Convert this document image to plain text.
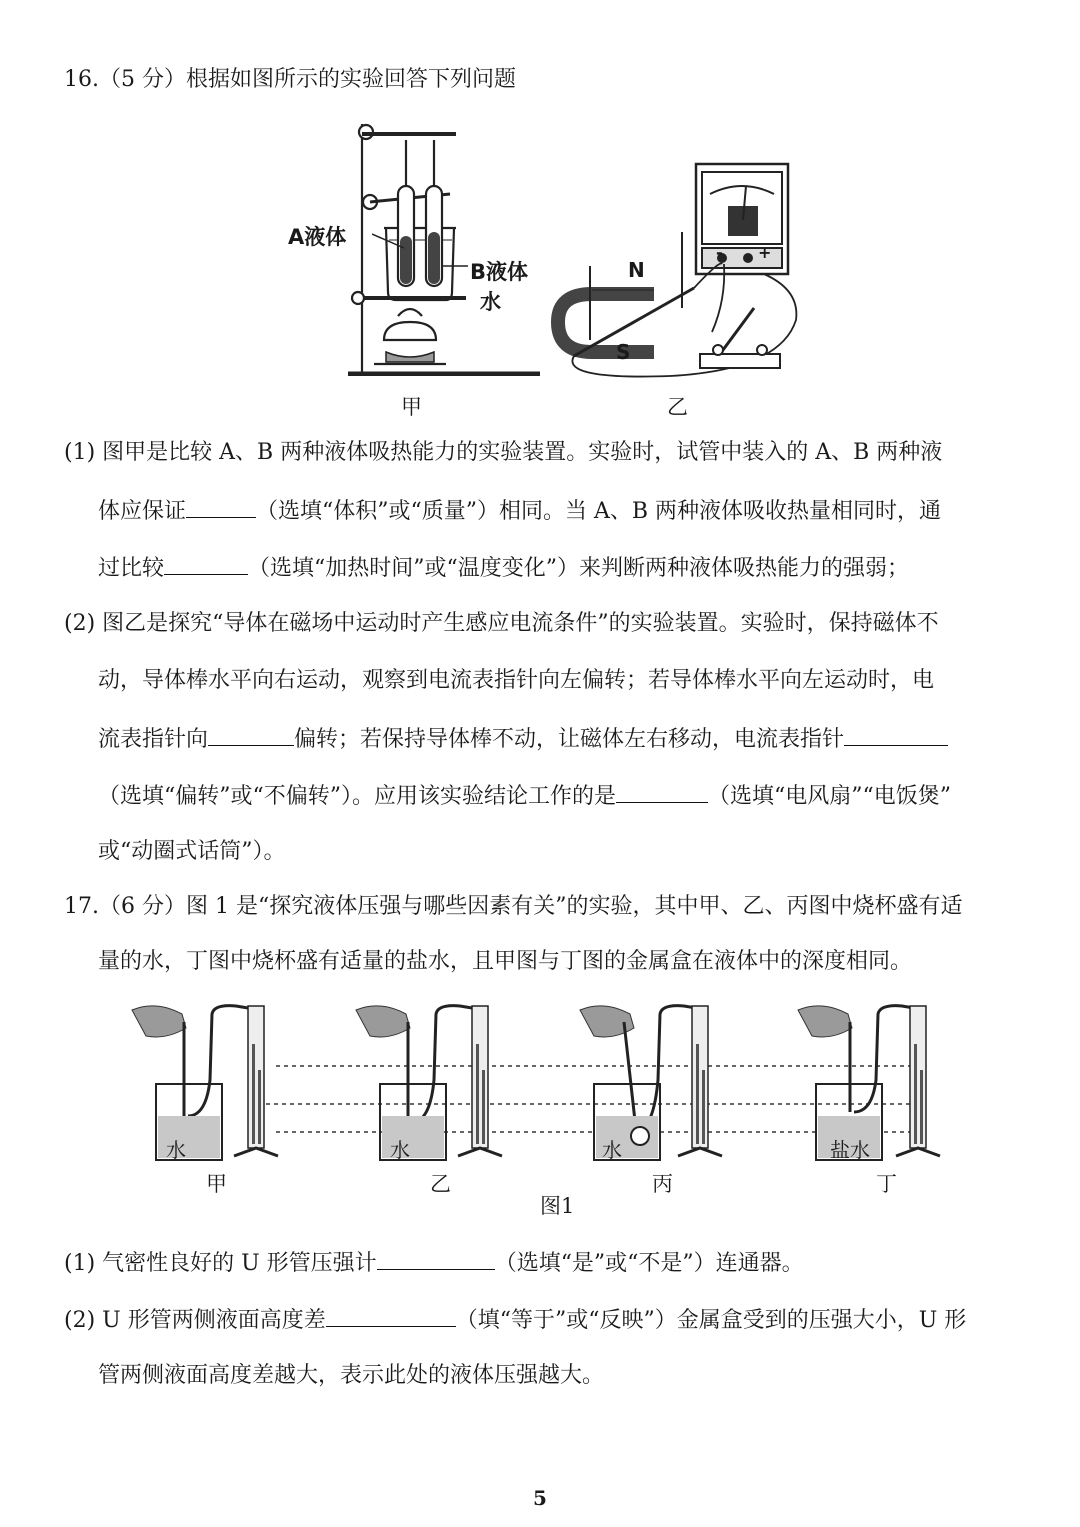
16.（5 分）根据如图所示的实验回答下列问题
A液体
B液体
水
甲
N
S
- +
乙
(1) 图甲是比较 A、B 两种液体吸热能力的实验装置。实验时，试管中装入的 A、B 两种液
体应保证	（选填“体积”或“质量”）相同。当 A、B 两种液体吸收热量相同时，通
过比较	（选填“加热时间”或“温度变化”）来判断两种液体吸热能力的强弱；
(2) 图乙是探究“导体在磁场中运动时产生感应电流条件”的实验装置。实验时，保持磁体不
动，导体棒水平向右运动，观察到电流表指针向左偏转；若导体棒水平向左运动时，电
流表指针向	偏转；若保持导体棒不动，让磁体左右移动，电流表指针
（选填“偏转”或“不偏转”）。应用该实验结论工作的是	（选填“电风扇”“电饭煲”
或“动圈式话筒”）。
17.（6 分）图 1 是“探究液体压强与哪些因素有关”的实验，其中甲、乙、丙图中烧杯盛有适
量的水，丁图中烧杯盛有适量的盐水，且甲图与丁图的金属盒在液体中的深度相同。
水	水	水	盐水
甲	乙	丙	丁
图1
(1) 气密性良好的 U 形管压强计	（选填“是”或“不是”）连通器。
(2) U 形管两侧液面高度差	（填“等于”或“反映”）金属盒受到的压强大小，U 形
管两侧液面高度差越大，表示此处的液体压强越大。
5
